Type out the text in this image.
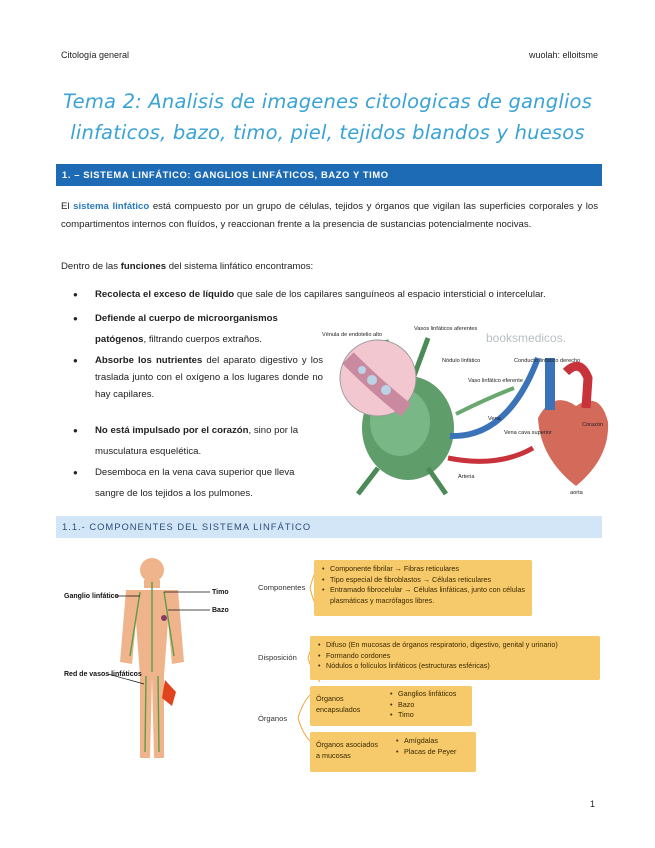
Citología general	wuolah: elloitsme
Tema 2: Analisis de imagenes citologicas de ganglios
linfaticos, bazo, timo, piel, tejidos blandos y huesos
1. – SISTEMA LINFÁTICO: GANGLIOS LINFÁTICOS, BAZO Y TIMO
El sistema linfático está compuesto por un grupo de células, tejidos y órganos que vigilan las superficies corporales y los compartimentos internos con fluídos, y reaccionan frente a la presencia de sustancias potencialmente nocivas.
Dentro de las funciones del sistema linfático encontramos:
● Recolecta el exceso de líquido que sale de los capilares sanguíneos al espacio intersticial o intercelular.
● Defiende al cuerpo de microorganismos
patógenos, filtrando cuerpos extraños.
● Absorbe los nutrientes del aparato digestivo y los traslada junto con el oxígeno a los lugares donde no hay capilares.
● No está impulsado por el corazón, sino por la musculatura esquelética.
● Desemboca en la vena cava superior que lleva sangre de los tejidos a los pulmones.
booksmedicos.
Vénula de endotelio alto
Vasos linfáticos aferentes
Nódulo linfático
Vaso linfático eferente
Conducto linfático derecho
Vena
Vena cava superior
Corazón
Arteria
aorta
1.1.- COMPONENTES DEL SISTEMA LINFÁTICO
Ganglio linfático
Timo
Bazo
Red de vasos linfáticos
Componentes
Disposición
Órganos
• Componente fibrilar → Fibras reticulares
• Tipo especial de fibroblastos → Células reticulares
• Entramado fibrocelular → Células linfáticas, junto con células plasmáticas y macrófagos libres.
• Difuso (En mucosas de órganos respiratorio, digestivo, genital y urinario)
• Formando cordones
• Nódulos o folículos linfáticos (estructuras esféricas)
Órganos encapsulados
• Ganglios linfáticos
• Bazo
• Timo
Órganos asociados a mucosas
• Amígdalas
• Placas de Peyer
1
